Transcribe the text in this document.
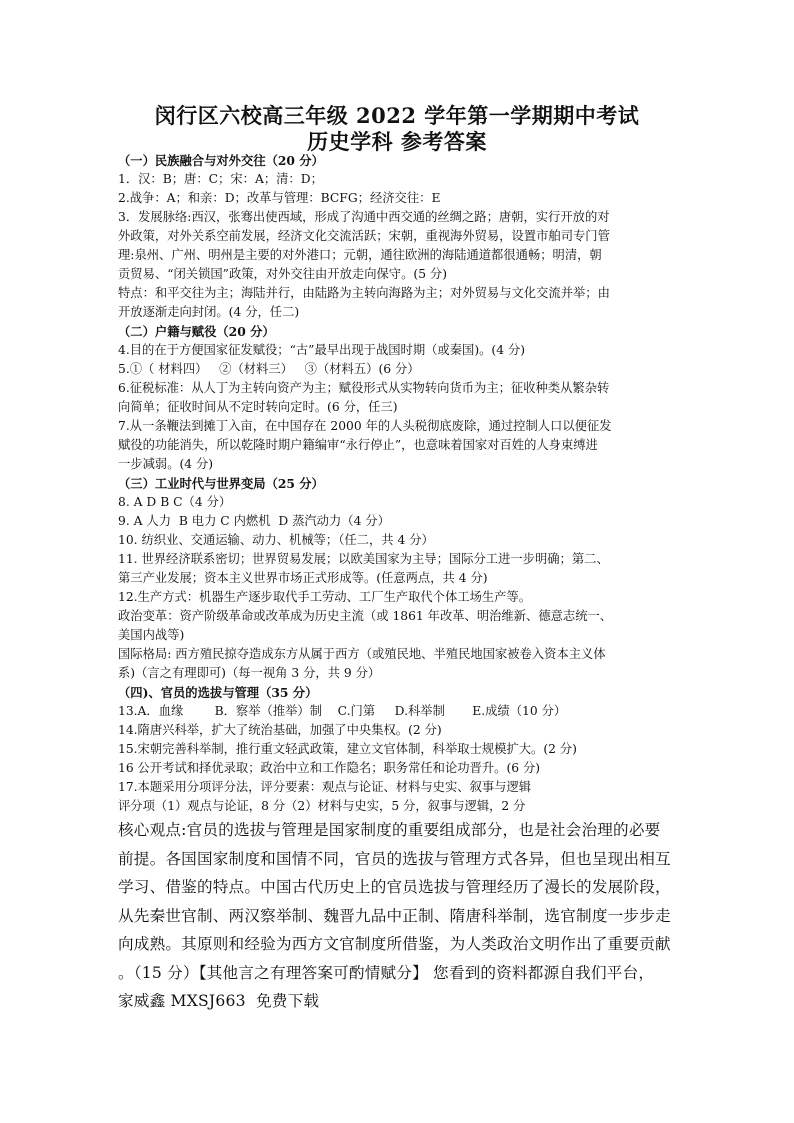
闵行区六校高三年级 2022 学年第一学期期中考试
历史学科 参考答案
（一）民族融合与对外交往（20 分）
1．汉：B；唐：C；宋：A；清：D；
2.战争：A；和亲：D；改革与管理：BCFG；经济交往：E
3．发展脉络:西汉，张骞出使西域，形成了沟通中西交通的丝绸之路；唐朝，实行开放的对
外政策，对外关系空前发展，经济文化交流活跃；宋朝，重视海外贸易，设置市舶司专门管
理:泉州、广州、明州是主要的对外港口；元朝，通往欧洲的海陆通道都很通畅；明清，朝
贡贸易、“闭关锁国”政策，对外交往由开放走向保守。(5 分)
特点：和平交往为主；海陆并行，由陆路为主转向海路为主；对外贸易与文化交流并举；由
开放逐渐走向封闭。(4 分，任二)
（二）户籍与赋役（20 分）
4.目的在于方便国家征发赋役；“古”最早出现于战国时期（或秦国)。(4 分)
5.①（ 材料四）   ②（材料三）   ③（材料五）(6 分）
6.征税标准：从人丁为主转向资产为主；赋役形式从实物转向货币为主；征收种类从繁杂转
向简单；征收时间从不定时转向定时。(6 分，任三)
7.从一条鞭法到摊丁入亩，在中国存在 2000 年的人头税彻底废除，通过控制人口以便征发
赋役的功能消失，所以乾隆时期户籍编审“永行停止”，也意味着国家对百姓的人身束缚进
一步减弱。(4 分)
（三）工业时代与世界变局（25 分）
8. A D B C（4 分）
9. A 人力  B 电力 C 内燃机  D 蒸汽动力（4 分）
10. 纺织业、交通运输、动力、机械等；（任二，共 4 分）
11. 世界经济联系密切；世界贸易发展；以欧美国家为主导；国际分工进一步明确；第二、
第三产业发展；资本主义世界市场正式形成等。(任意两点，共 4 分)
12.生产方式：机器生产逐步取代手工劳动、工厂生产取代个体工场生产等。
政治变革：资产阶级革命或改革成为历史主流（或 1861 年改革、明治维新、德意志统一、
美国内战等)
国际格局: 西方殖民掠夺造成东方从属于西方（或殖民地、半殖民地国家被卷入资本主义体
系)（言之有理即可)（每一视角 3 分，共 9 分）
（四)、官员的选拔与管理（35 分）
13.A．血缘        B．察举（推举）制    C.门第     D.科举制       E.成绩（10 分）
14.隋唐兴科举，扩大了统治基础，加强了中央集权。(2 分)
15.宋朝完善科举制，推行重文轻武政策，建立文官体制，科举取士规模扩大。(2 分)
16 公开考试和择优录取；政治中立和工作隐名；职务常任和论功晋升。(6 分)
17.本题采用分项评分法，评分要素：观点与论证、材料与史实、叙事与逻辑
评分项（1）观点与论证，8 分（2）材料与史实，5 分，叙事与逻辑，2 分
核心观点:官员的选拔与管理是国家制度的重要组成部分，也是社会治理的必要
前提。各国国家制度和国情不同，官员的选拔与管理方式各异，但也呈现出相互
学习、借鉴的特点。中国古代历史上的官员选拔与管理经历了漫长的发展阶段，
从先秦世官制、两汉察举制、魏晋九品中正制、隋唐科举制，选官制度一步步走
向成熟。其原则和经验为西方文官制度所借鉴，为人类政治文明作出了重要贡献
。（15 分）【其他言之有理答案可酌情赋分】 您看到的资料都源自我们平台，
家威鑫 MXSJ663  免费下载
